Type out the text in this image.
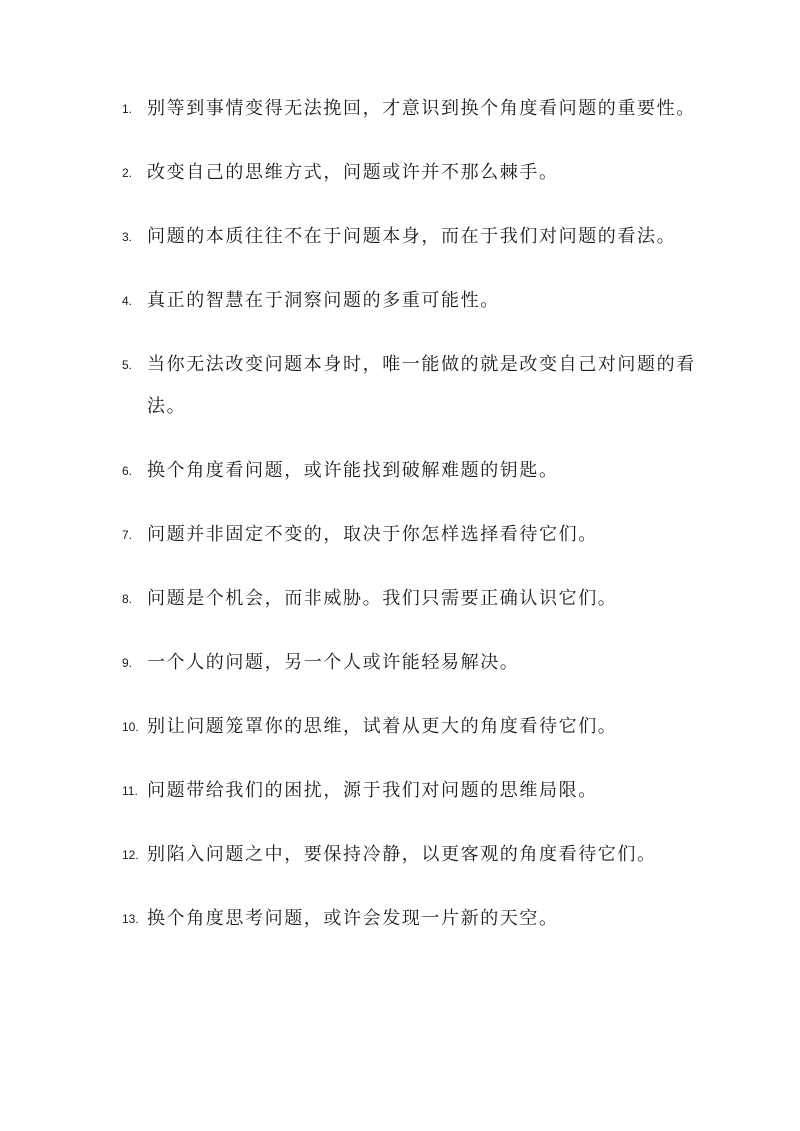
1. 别等到事情变得无法挽回，才意识到换个角度看问题的重要性。
2. 改变自己的思维方式，问题或许并不那么棘手。
3. 问题的本质往往不在于问题本身，而在于我们对问题的看法。
4. 真正的智慧在于洞察问题的多重可能性。
5. 当你无法改变问题本身时，唯一能做的就是改变自己对问题的看法。
6. 换个角度看问题，或许能找到破解难题的钥匙。
7. 问题并非固定不变的，取决于你怎样选择看待它们。
8. 问题是个机会，而非威胁。我们只需要正确认识它们。
9. 一个人的问题，另一个人或许能轻易解决。
10. 别让问题笼罩你的思维，试着从更大的角度看待它们。
11. 问题带给我们的困扰，源于我们对问题的思维局限。
12. 别陷入问题之中，要保持冷静，以更客观的角度看待它们。
13. 换个角度思考问题，或许会发现一片新的天空。
